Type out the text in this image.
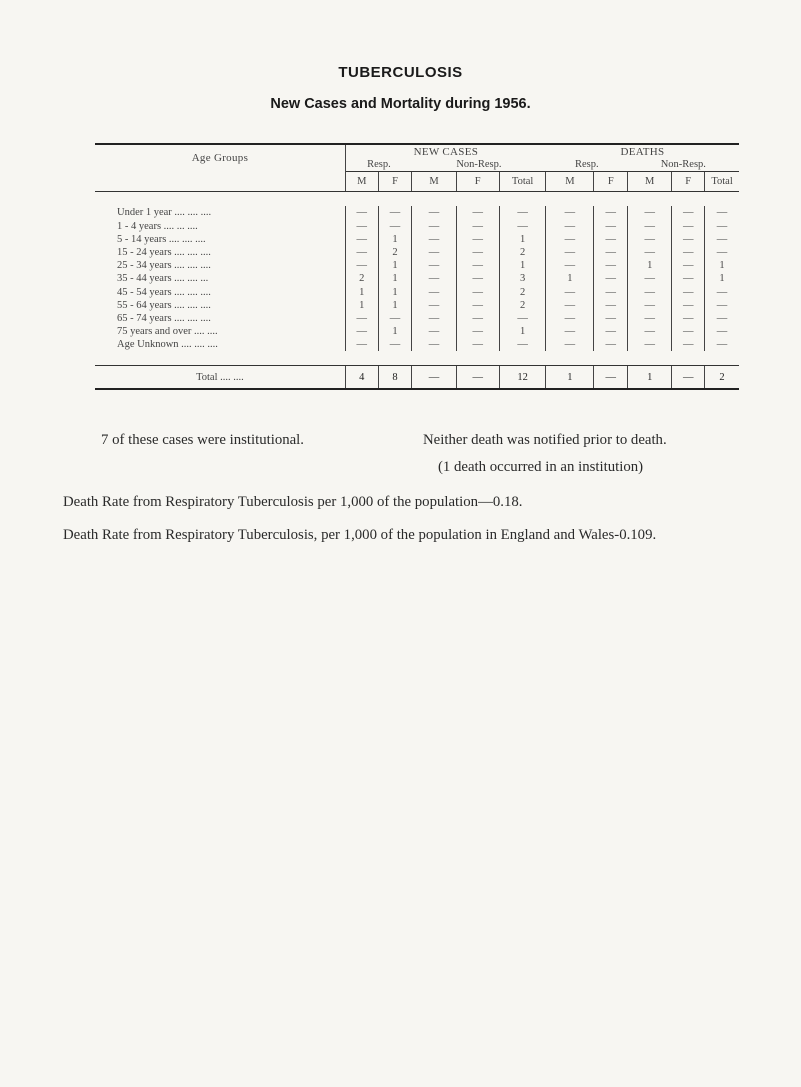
TUBERCULOSIS
New Cases and Mortality during 1956.

Age Groups	NEW CASES					DEATHS				
	Resp.		Non-Resp.			Resp.		Non-Resp.		
	M	F	M	F	Total	M	F	M	F	Total

Under 1 year .... .... ....	—	—	—	—	—	—	—	—	—	—
1 - 4 years .... ... ....	—	—	—	—	—	—	—	—	—	—
5 - 14 years .... .... ....	—	1	—	—	1	—	—	—	—	—
15 - 24 years .... .... ....	—	2	—	—	2	—	—	—	—	—
25 - 34 years .... .... ....	—	1	—	—	1	—	—	1	—	1
35 - 44 years .... .... ...	2	1	—	—	3	1	—	—	—	1
45 - 54 years .... .... ....	1	1	—	—	2	—	—	—	—	—
55 - 64 years .... .... ....	1	1	—	—	2	—	—	—	—	—
65 - 74 years .... .... ....	—	—	—	—	—	—	—	—	—	—
75 years and over .... ....	—	1	—	—	1	—	—	—	—	—
Age Unknown .... .... ....	—	—	—	—	—	—	—	—	—	—

Total .... ....	4	8	—	—	12	1	—	1	—	2

7 of these cases were institutional.	Neither death was notified prior to death.
(1 death occurred in an institution)
Death Rate from Respiratory Tuberculosis per 1,000 of the population—0.18.
Death Rate from Respiratory Tuberculosis, per 1,000 of the population in England and Wales-0.109.
